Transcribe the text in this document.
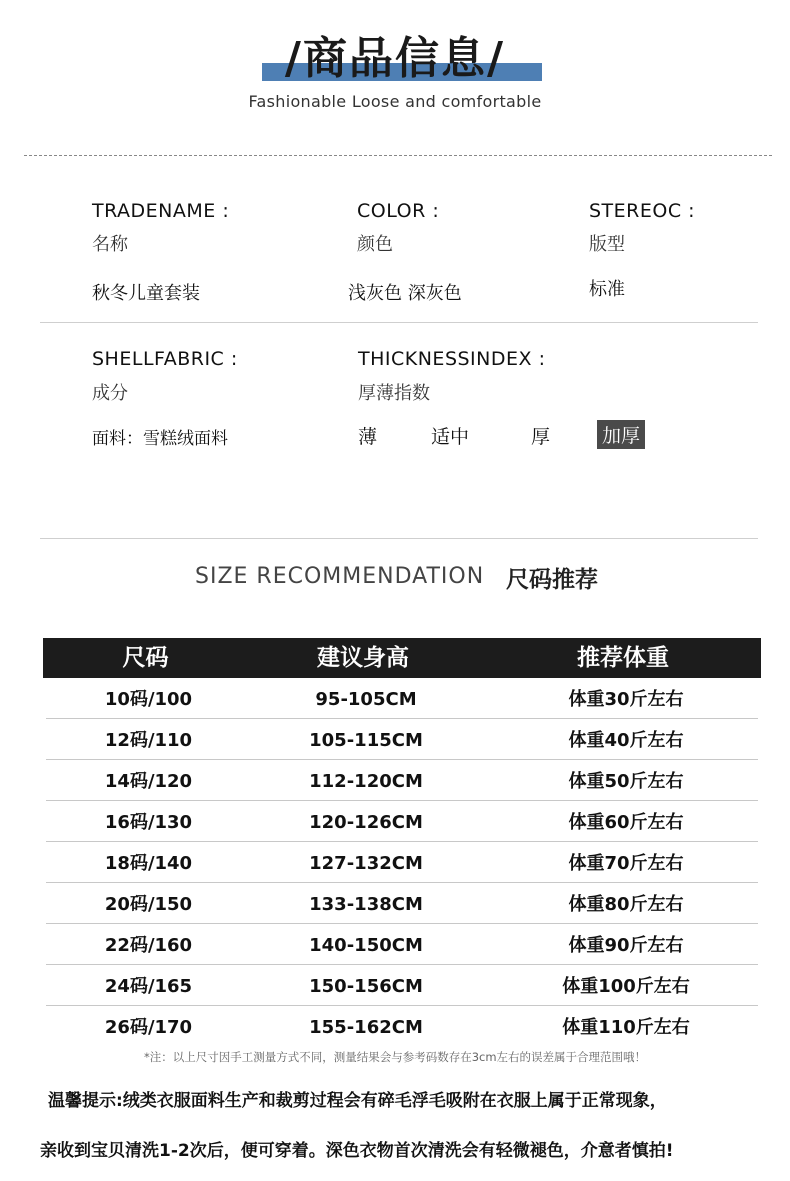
/商品信息/
Fashionable Loose and comfortable
TRADENAME :
名称
秋冬儿童套装
COLOR :
颜色
浅灰色 深灰色
STEREOC :
版型
标准
SHELLFABRIC :
成分
面料：雪糕绒面料
THICKNESSINDEX :
厚薄指数
薄	适中	厚	加厚
SIZE RECOMMENDATION 尺码推荐
尺码	建议身高	推荐体重
10码/100	95-105CM	体重30斤左右
12码/110	105-115CM	体重40斤左右
14码/120	112-120CM	体重50斤左右
16码/130	120-126CM	体重60斤左右
18码/140	127-132CM	体重70斤左右
20码/150	133-138CM	体重80斤左右
22码/160	140-150CM	体重90斤左右
24码/165	150-156CM	体重100斤左右
26码/170	155-162CM	体重110斤左右
*注：以上尺寸因手工测量方式不同，测量结果会与参考码数存在3cm左右的误差属于合理范围哦！
温馨提示:绒类衣服面料生产和裁剪过程会有碎毛浮毛吸附在衣服上属于正常现象，
亲收到宝贝清洗1-2次后，便可穿着。深色衣物首次清洗会有轻微褪色，介意者慎拍!
